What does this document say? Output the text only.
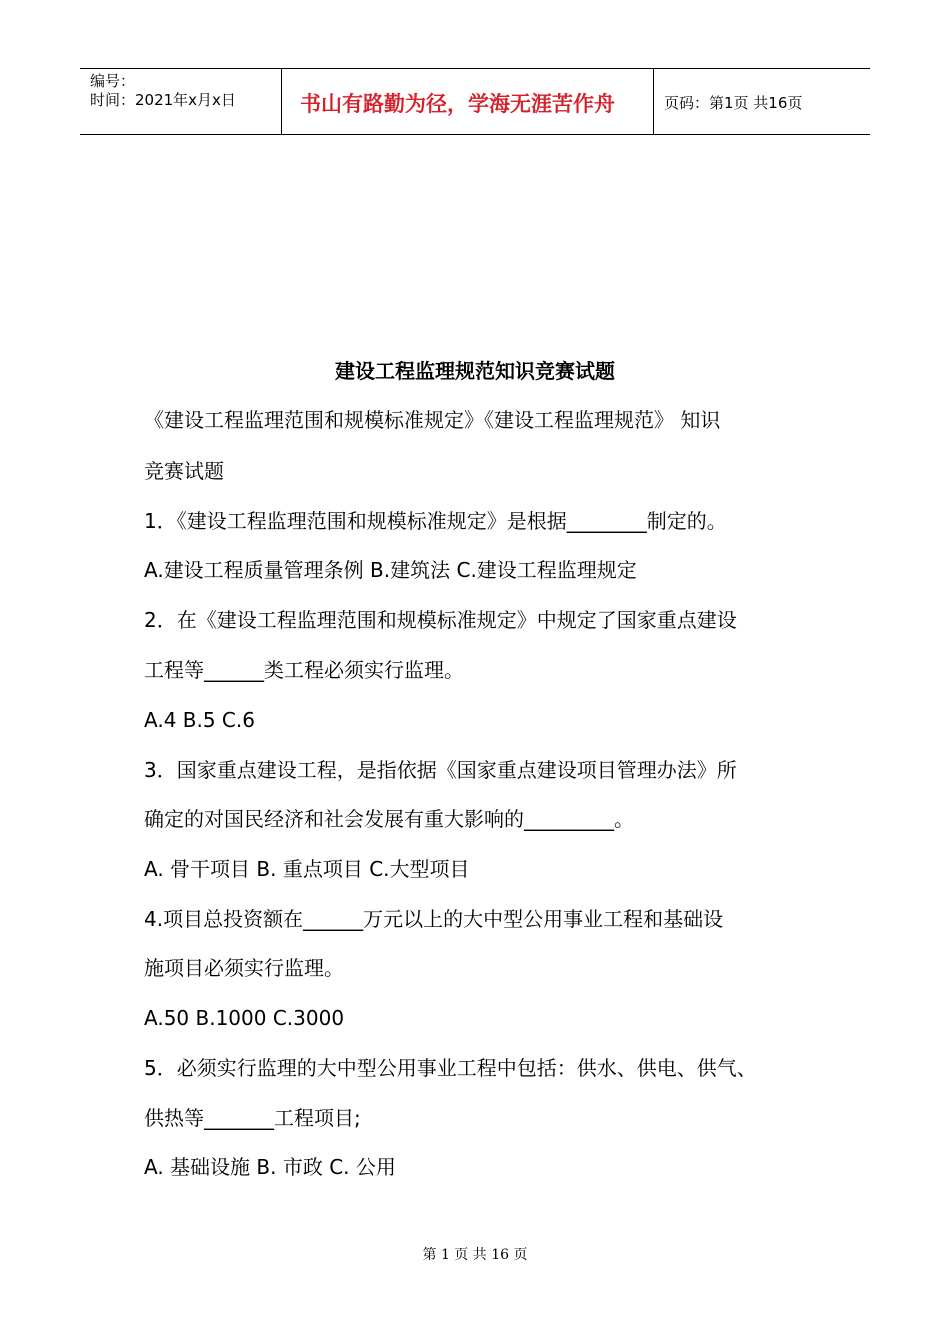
编号：
时间：2021年x月x日	书山有路勤为径，学海无涯苦作舟	页码：第1页 共16页
建设工程监理规范知识竞赛试题
《建设工程监理范围和规模标准规定》《建设工程监理规范》 知识
竞赛试题
1．《建设工程监理范围和规模标准规定》是根据________制定的。
A.建设工程质量管理条例 B.建筑法 C.建设工程监理规定
2．在《建设工程监理范围和规模标准规定》中规定了国家重点建设
工程等______类工程必须实行监理。
A.4 B.5 C.6
3．国家重点建设工程，是指依据《国家重点建设项目管理办法》所
确定的对国民经济和社会发展有重大影响的_________。
A. 骨干项目 B. 重点项目 C.大型项目
4.项目总投资额在______万元以上的大中型公用事业工程和基础设
施项目必须实行监理。
A.50 B.1000 C.3000
5．必须实行监理的大中型公用事业工程中包括：供水、供电、供气、
供热等_______工程项目;
A. 基础设施 B. 市政 C. 公用
第 1 页 共 16 页
